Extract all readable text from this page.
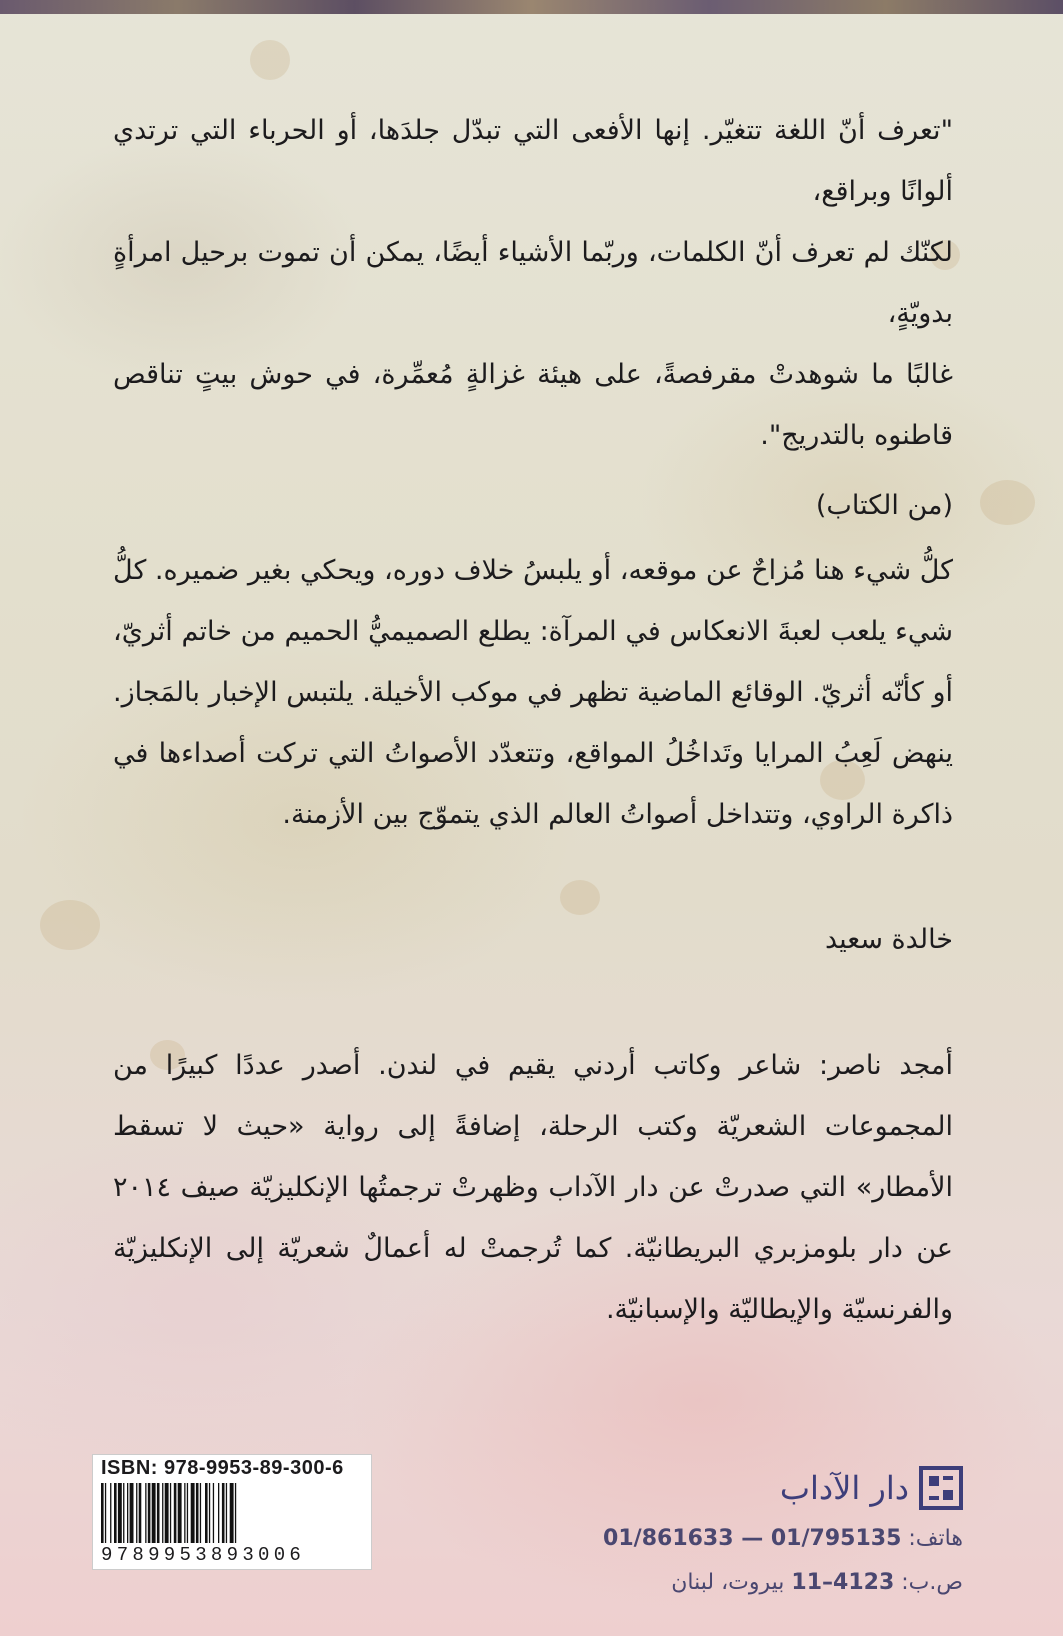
"تعرف أنّ اللغة تتغيّر. إنها الأفعى التي تبدّل جلدَها، أو الحرباء التي ترتدي ألوانًا وبراقع،

لكنّك لم تعرف أنّ الكلمات، وربّما الأشياء أيضًا، يمكن أن تموت برحيل امرأةٍ بدويّةٍ،

غالبًا ما شوهدتْ مقرفصةً، على هيئة غزالةٍ مُعمِّرة، في حوش بيتٍ تناقص قاطنوه بالتدريج".

(من الكتاب)

كلُّ شيء هنا مُزاحٌ عن موقعه، أو يلبسُ خلاف دوره، ويحكي بغير ضميره. كلُّ شيء يلعب لعبةَ الانعكاس في المرآة: يطلع الصميميُّ الحميم من خاتم أثريّ، أو كأنّه أثريّ. الوقائع الماضية تظهر في موكب الأخيلة. يلتبس الإخبار بالمَجاز. ينهض لَعِبُ المرايا وتَداخُلُ المواقع، وتتعدّد الأصواتُ التي تركت أصداءها في ذاكرة الراوي، وتتداخل أصواتُ العالم الذي يتموّج بين الأزمنة.

خالدة سعيد

أمجد ناصر: شاعر وكاتب أردني يقيم في لندن. أصدر عددًا كبيرًا من المجموعات الشعريّة وكتب الرحلة، إضافةً إلى رواية «حيث لا تسقط الأمطار» التي صدرتْ عن دار الآداب وظهرتْ ترجمتُها الإنكليزيّة صيف ٢٠١٤ عن دار بلومزبري البريطانيّة. كما تُرجمتْ له أعمالٌ شعريّة إلى الإنكليزيّة والفرنسيّة والإيطاليّة والإسبانيّة.

ISBN: 978-9953-89-300-6
9789953893006
دار الآداب
هاتف: 01/795135 — 01/861633
ص.ب: 4123–11 بيروت، لبنان
